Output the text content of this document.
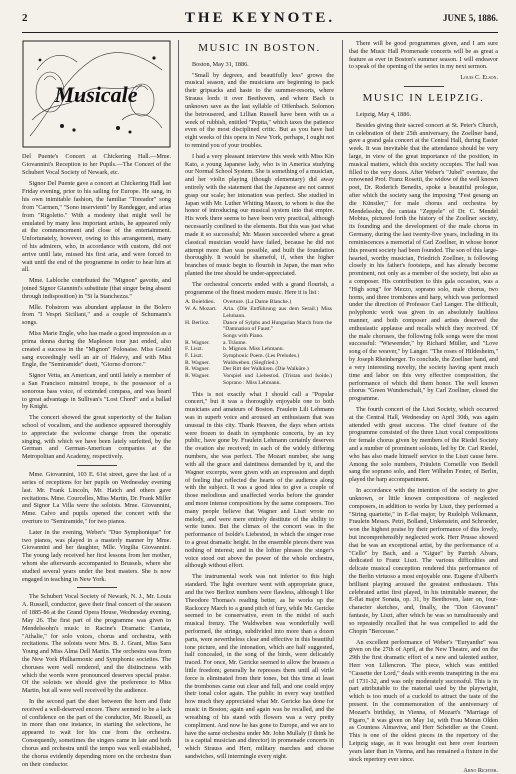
2	THE KEYNOTE.	JUNE 5, 1886.
Musicale
Del Puente's Concert at Chickering Hall.—Mme. Giovannini's Reception to her Pupils.—The Concert of the Schubert Vocal Society of Newark, etc.

Signor Del Puente gave a concert at Chickering Hall last Friday evening, prior to his sailing for Europe. He sang, in his own inimitable fashion, the familiar "Toreador" song from "Carmen," "Sono inservienti" by Randegger, and arias from "Rigoletto." With a modesty that might well be emulated by many less important artists, he appeared only at the commencement and close of the entertainment. Unfortunately, however, owing to this arrangement, many of his admirers, who, in accordance with custom, did not arrive until late, missed his first aria, and were forced to wait until the end of the programme in order to hear him at all.

Mme. Labloche contributed the "Mignon" gavotte, and joined Signor Giannini's substitute (that singer being absent through indisposition) in "Si la Stanchezza."

Mlle. Fohstrom was abundant applause in the Bolero from "I Vespri Siciliani," and a couple of Schumann's songs.

Miss Marie Engle, who has made a good impression as a prima donna during the Mapleson tour just ended, also created a success in the "Mignon" Polonaise. Miss Gould sang exceedingly well an air of Halevy, and with Miss Engle, the "Semiramide" duett, "Giorno d'orrore."

Signor Vetta, an American, and until lately a member of a San Francisco minstrel troupe, is the possessor of a sonorous bass voice, of extended compass, and was heard to great advantage in Sullivan's "Lost Chord" and a ballad by Knight.

The concert showed the great superiority of the Italian school of vocalism, and the audience appeared thoroughly to appreciate the welcome change from the operatic singing, with which we have been lately surfeited, by the German and German-American companies at the Metropolitan and Academy, respectively.

Mme. Giovannini, 103 E. 61st street, gave the last of a series of receptions for her pupils on Wednesday evening last. Mr. Frank Lincoln, Mr. Hatch and others gave recitations. Mme. Courcelles, Miss Martin, Dr. Frank Miller and Signor La Villa were the soloists. Mme. Giovannini, Mme. Calvo and pupils opened the concert with the overture to "Semiramide," for two pianos.

Later in the evening, Weber's "Duo Symphonique" for two pianos, was played in a masterly manner by Mme. Giovannini and her daughter, Mlle. Virgilia Giovannini. The young lady received her first lessons from her mother, whom she afterwards accompanied to Brussels, where she studied several years under the best masters. She is now engaged in teaching in New York.

The Schubert Vocal Society of Newark, N. J., Mr. Louis A. Russell, conductor, gave their final concert of the season of 1885-86 at the Grand Opera House, Wednesday evening, May 26. The first part of the programme was given to Mendelssohn's music to Racine's Dramatic Cantata, "Athalie," for solo voices, chorus and orchestra, with recitations. The soloists were Mrs. B. J. Grant, Miss Sara Young and Miss Alma Dell Martin. The orchestra was from the New York Philharmonic and Symphonic societies. The choruses were well rendered, and the distinctness with which the words were pronounced deserves special praise. Of the soloists we should give the preference to Miss Martin, but all were well received by the audience.

In the second part the duet between the horn and flute received a well-deserved encore. There seemed to be a lack of confidence on the part of the conductor, Mr. Russell, as in more than one instance, in starting the selections, he appeared to wait for his cue from the orchestra. Consequently, sometimes the singers came in late and both chorus and orchestra until the tempo was well established, the chorus evidently depending more on the orchestra than on their conductor.

MUSIC IN BOSTON.
Boston, May 31, 1886.

"Small by degrees, and beautifully less" grows the musical season, and the musicians are beginning to pack their gripsacks and haste to the summer-resorts, where Strauss lords it over Beethoven, and where Bach is unknown save as the last syllable of Offenbach. Solomon the betrousered, and Lillian Russell have been with us a week of rubbish, entitled "Pepita," which taxes the patience even of the most disciplined critic. But as you have had eight weeks of this opera in New York, perhaps, I ought not to remind you of your troubles.

I had a very pleasant interview this week with Miss Kin Kato, a young Japanese lady, who is in America studying our Normal School System. She is something of a musician, and her violin playing (though elementary) did away entirely with the statement that the Japanese are not cannot grasp our scale; her intonation was perfect. She studied in Japan with Mr. Luther Whiting Mason, to whom is due the honor of introducing our musical system into that empire. His work there seems to have been very practical, although necessarily confined to the elements. But this was just what made it so successful; Mr. Mason succeeded where a great classical musician would have failed, because he did not attempt more than was possible, and built the foundation thoroughly. It would be shameful, if, when the higher branches of music begin to flourish in Japan, the man who planted the tree should be under-appreciated.

The orchestral concerts ended with a grand flourish, a programme of the finest modern music. Here it is list :

A. Boieldieu.	Overture. (La Dame Blanche.)
W. A. Mozart.	Aria. (Die Entführung aus dem Serail.) Miss Lehmann.
H. Berlioz.	Dance of Sylphs and Hungarian March from the "Damnation of Faust."
	Songs with Piano.
R. Wagner.	a. Träume.
F. Liszt.	b. Mignon. Miss Lehmann.
F. Liszt.	Symphonic Poem. (Les Preludes.)
R. Wagner.	Waldweben. (Siegfried.)
R. Wagner.	Der Ritt der Walküren. (Die Walküre.)
R. Wagner.	Vorspiel und Liebestod. (Tristan und Isolde.) Soprano : Miss Lehmann.

This is not exactly what I should call a "Popular concert," but it was a thoroughly enjoyable one to both musicians and amateurs of Boston. Fraulein Lili Lehmann was in superb voice and aroused an enthusiasm that was unusual in this city. Thank Heaven, the days when artists were frozen to death in symphonic concerts, by an icy public, have gone by. Fraulein Lehmann certainly deserves the ovation she received; in each of the widely differing numbers, she was perfect. The Mozart number, she sang with all the grace and daintiness demanded by it, and the Wagner excerpts, were given with an expression and depth of feeling that reflected the hearts of the audience along with the subject. It was a good idea to give a couple of those melodious and unaffected works before the grander and more intense compositions by the same composers. Too many people believe that Wagner and Liszt wrote no melody, and were mere entirely destitute of the ability to write tunes. But the climax of the concert was in the performance of Isolde's Liebestod, in which the singer rose to a great dramatic height. In the ensemble pieces there was nothing of interest; and in the loftier phrases the singer's voice stood out above the power of the whole orchestra, although without effort.

The instrumental work was not inferior to this high standard. The light overture went with appropriate grace, and the two Berlioz numbers were flawless, although I like Theodore Thomas's reading better, as he works up the Rackoczy March to a grand pitch of fury, while Mr. Gericke seemed to be conservative, even in the midst of such musical frenzy. The Waldweben was wonderfully well performed, the strings, subdivided into more than a dozen parts, were nevertheless clear and effective in this beautiful tone picture, and the intonation, which are half suggested, half concealed, in the song of the birds, were delicately traced. For once, Mr. Gericke seemed to allow the brasses a little freedom; generally he represses them until all virile force is eliminated from their tones, but this time at least the trombones came out clear and full, and one could enjoy their tonal color again. The public in every way testified how much they appreciated what Mr. Gericke has done for music in Boston; again and again was he recalled, and the wreathing of his stand with flowers was a very pretty compliment. And now he has gone to Europe, and we are to have the same orchestra under Mr. John Mullaly (I think he is a capital musician and director) in promenade concerts in which Strauss and Herr, military marches and cheese sandwiches, will intermingle every night.

There will be good programmes given, and I am sure that the Music Hall Promenade concerts will be as great a feature as ever in Boston's summer season. I will endeavor to speak of the opening of the series in my next sermon.

Louis C. Elson.
MUSIC IN LEIPZIG.
Leipzig, May 4, 1886.

Besides giving their sacred concert at St. Peter's Church, in celebration of their 25th anniversary, the Zoellner band, gave a grand gala concert at the Central Hall, during Easter week. It was inevitable that the attendance should be very large, in view of the great importance of the position, in musical matters, which this society occupies. The hall was filled to the very doors. After Weber's "Jubel" overture, the renowned Prof. Franz Rosetti, the widow of the well known poet, Dr. Roderich Benedix, spoke a beautiful prologue, after which the society sang the imposing "Fest gesang an die Künstler," for male chorus and orchestra by Mendelssohn, the cantata "Zeppele" of Dr. C. Mendel Mobius, pictured forth the history of the Zoellner society, its founding and the development of the male chorus in Germany, during the last twenty-five years, including in its reminiscences a memorial of Carl Zoellner, in whose honor this present society had been founded. The son of this large-hearted, worthy musician, Friedrich Zoellner, is following closely in his father's footsteps, and has already become prominent, not only as a member of the society, but also as a composer. His contribution to this gala occasion, was a "High song" for Mezzo, soprano solo, male chorus, two horns, and three trombones and harp, which was performed under the direction of Professor Carl Langer. The difficult, polyphonic work was given in an absolutely faultless manner, and both composer and artists deserved the enthusiastic applause and recalls which they received. Of the male choruses, the following folk songs were the most successful: "Wiewender," by Richard Müller, and "Love song of the weaver," by Langer. "The roses of Hildesheim," by Joseph Rheinberger. To conclude, the Zoellner band, and a very interesting novelty, the society having spent much time and labor on this very effective composition, the performance of which did them honor. The well known chorus "Green Wunderschalt," by Carl Zoellner, closed the programme.

The fourth concert of the Liszt Society, which occurred at the Central Hall, Wednesday on April 30th, was again attended with great success. The chief feature of the programme consisted of the three Liszt vocal compositions for female chorus given by members of the Riedel Society and a number of prominent soloists, led by Dr. Carl Riedel, who has also made himself service to the Liszt cause here. Among the solo numbers, Fräulein Corneille von Bedell sang the soprano solo, and Herr Wilhelm Fester, of Berlin, played the harp accompaniment.

In accordance with the intention of the society to give unknown, or little known compositions of neglected composers, in addition to works by Liszt, they performed a "String quartette," in E-flat major, by Rudolph Volkmann, Fraulein Messrs. Petri, Bolland, Unkenstein, and Schroeder, won the highest praise by their performance of this lovely, but incomprehensibly neglected work. Herr Prusse showed that he was an exceptional artist, by the performance of a "Cello" by Bach, and a "Gigue" by Parrish Alvars, dedicated to Franz Liszt. The various difficulties and delicate musical conception rendered this performance of the Berlin virtuoso a most enjoyable one. Eugene d'Albert's brilliant playing aroused the greatest enthusiasm. This celebrated artist first played, in his inimitable manner, the E-flat major Sonata, op. 31, by Beethoven, later on, four-character sketches, and, finally, the "Don Giovanni" fantasie, by Liszt, after which he was so tumultuously and so repeatedly recalled that he was compelled to add the Chopin "Berceuse."

An excellent performance of Weber's "Euryanthe" was given on the 27th of April, at the New Theatre, and on the 29th the first dramatic effort of a new and talented author, Herr von Lillencron. The piece, which was entitled "Cassette der Lord," deals with events transpiring in the era of 1731-32, and was only moderately successful. This is in part attributable to the material used by the playwright, which is too much of a cuckold to attract the taste of the present. In the commemoration of the anniversary of Mozart's birthday, in Vienna, of Mozart's "Marriage of Figaro," it was given on May 1st, with Frau Moran Olden as Countess Almaviva, and Herr Scheidler as the Count. This is one of the oldest pieces in the repertory of the Leipzig stage, as it was brought out here over fourteen years later than in Vienna, and has remained a fixture in the stock repertory ever since.

Arno Richter.
